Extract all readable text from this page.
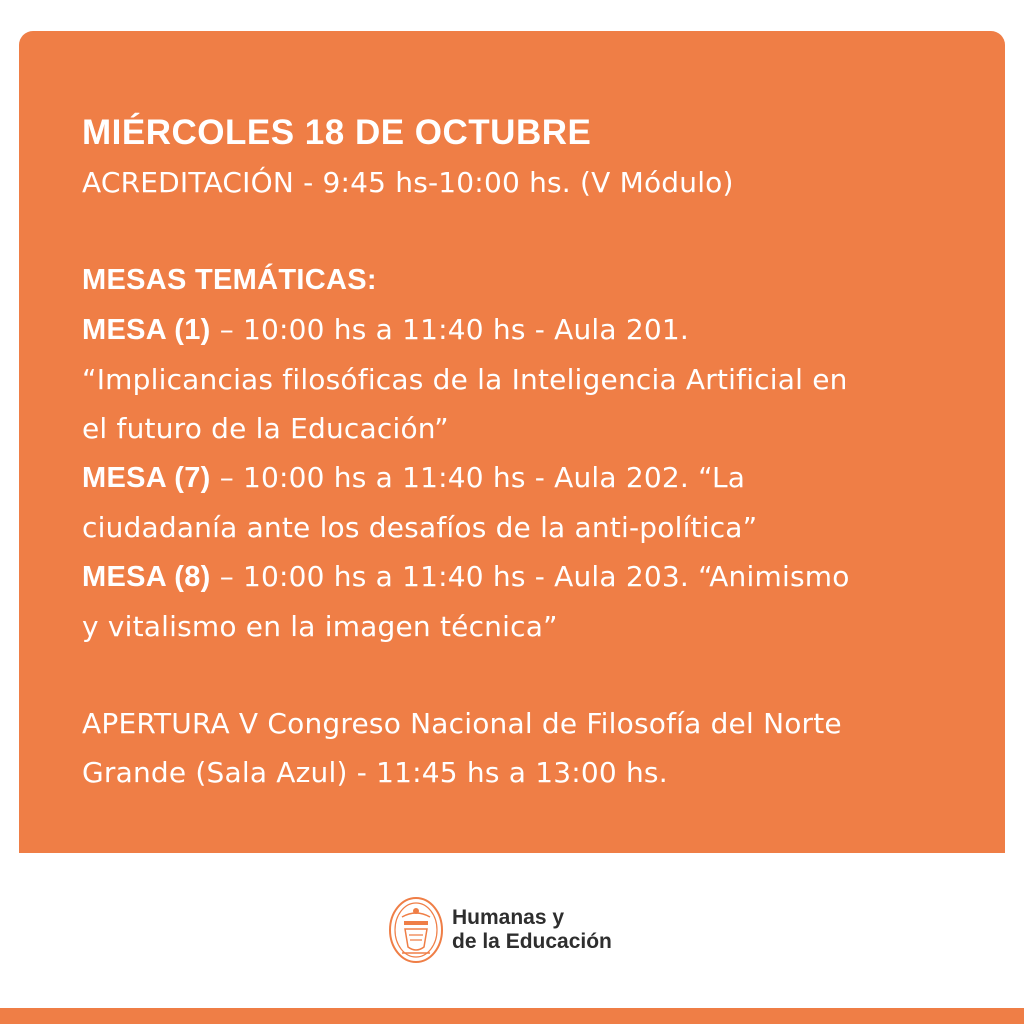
MIÉRCOLES 18 DE OCTUBRE

ACREDITACIÓN - 9:45 hs-10:00 hs. (V Módulo)

MESAS TEMÁTICAS:

MESA (1) – 10:00 hs a 11:40 hs - Aula 201.
“Implicancias filosóficas de la Inteligencia Artificial en
el futuro de la Educación”
MESA (7) – 10:00 hs a 11:40 hs - Aula 202. “La
ciudadanía ante los desafíos de la anti-política”
MESA (8) – 10:00 hs a 11:40 hs - Aula 203. “Animismo
y vitalismo en la imagen técnica”
APERTURA V Congreso Nacional de Filosofía del Norte
Grande (Sala Azul) - 11:45 hs a 13:00 hs.
Humanas y
de la Educación
